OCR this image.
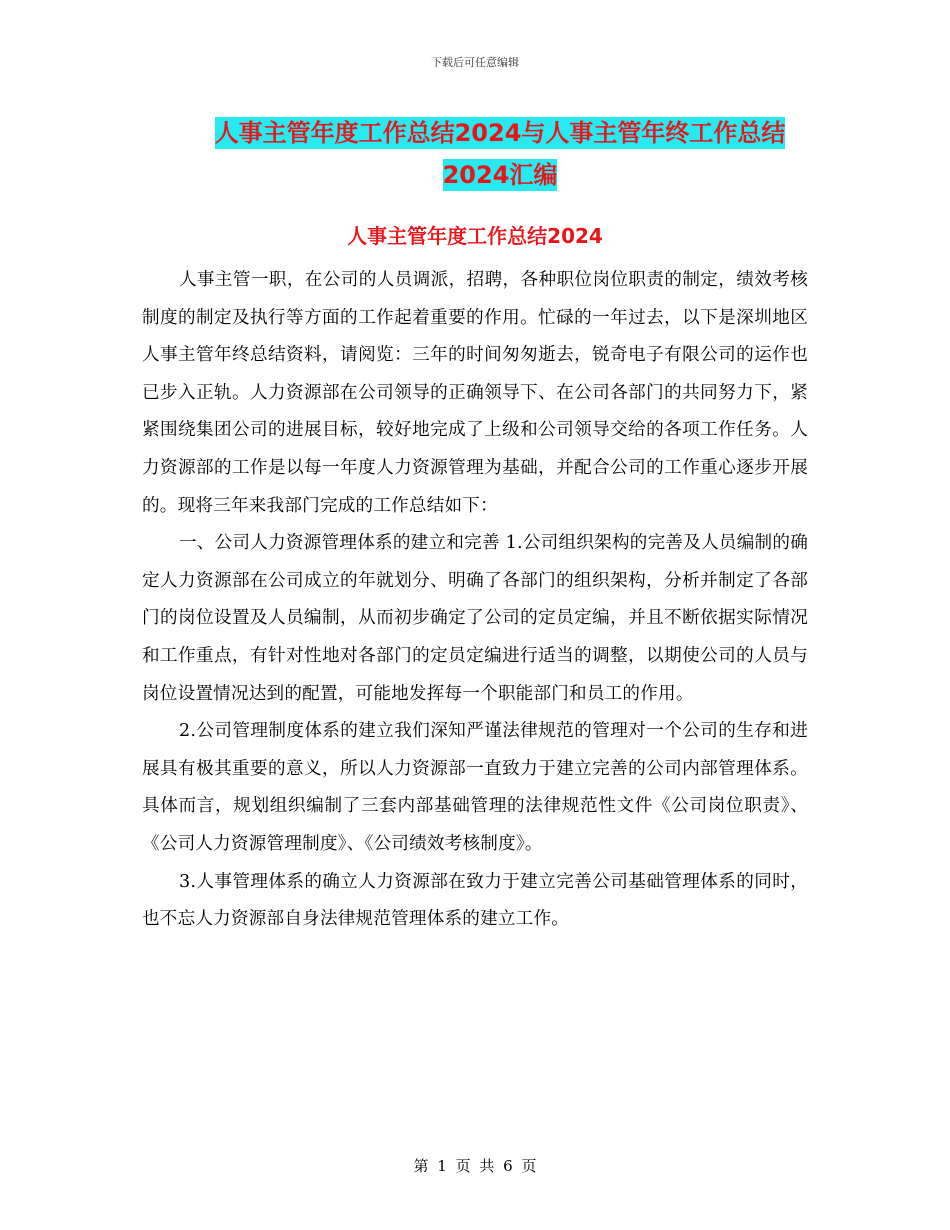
下载后可任意编辑
人事主管年度工作总结2024与人事主管年终工作总结
2024汇编
人事主管年度工作总结2024

人事主管一职，在公司的人员调派，招聘，各种职位岗位职责的制定，绩效考核制度的制定及执行等方面的工作起着重要的作用。忙碌的一年过去，以下是深圳地区人事主管年终总结资料，请阅览：三年的时间匆匆逝去，锐奇电子有限公司的运作也已步入正轨。人力资源部在公司领导的正确领导下、在公司各部门的共同努力下，紧紧围绕集团公司的进展目标，较好地完成了上级和公司领导交给的各项工作任务。人力资源部的工作是以每一年度人力资源管理为基础，并配合公司的工作重心逐步开展的。现将三年来我部门完成的工作总结如下：

一、公司人力资源管理体系的建立和完善 1.公司组织架构的完善及人员编制的确定人力资源部在公司成立的年就划分、明确了各部门的组织架构，分析并制定了各部门的岗位设置及人员编制，从而初步确定了公司的定员定编，并且不断依据实际情况和工作重点，有针对性地对各部门的定员定编进行适当的调整，以期使公司的人员与岗位设置情况达到的配置，可能地发挥每一个职能部门和员工的作用。

2.公司管理制度体系的建立我们深知严谨法律规范的管理对一个公司的生存和进展具有极其重要的意义，所以人力资源部一直致力于建立完善的公司内部管理体系。具体而言，规划组织编制了三套内部基础管理的法律规范性文件《公司岗位职责》、《公司人力资源管理制度》、《公司绩效考核制度》。

3.人事管理体系的确立人力资源部在致力于建立完善公司基础管理体系的同时，也不忘人力资源部自身法律规范管理体系的建立工作。

第 1 页 共 6 页
